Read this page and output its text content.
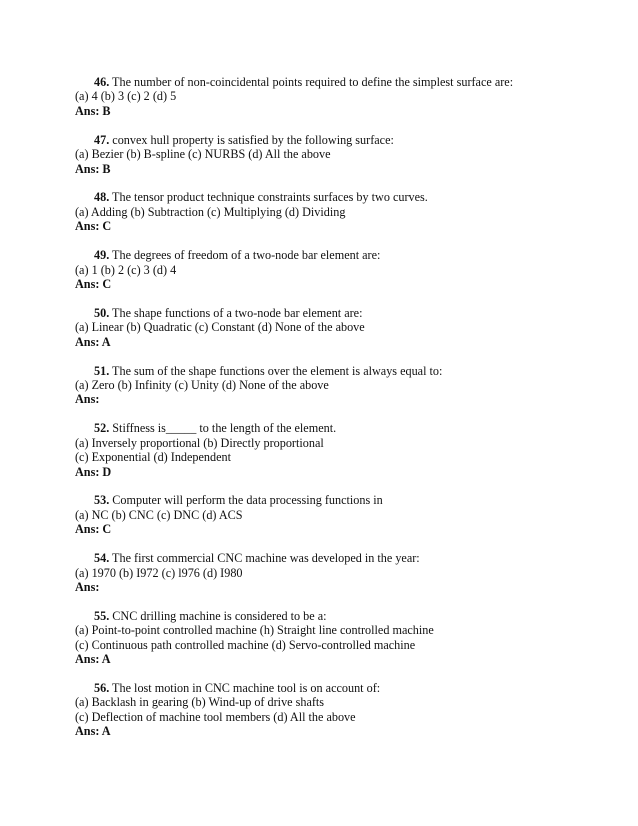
46. The number of non-coincidental points required to define the simplest surface are:
(a) 4 (b) 3 (c) 2 (d) 5
Ans: B
47. convex hull property is satisfied by the following surface:
(a) Bezier (b) B-spline (c) NURBS (d) All the above
Ans: B
48. The tensor product technique constraints surfaces by two curves.
(a) Adding (b) Subtraction (c) Multiplying (d) Dividing
Ans: C
49. The degrees of freedom of a two-node bar element are:
(a) 1 (b) 2 (c) 3 (d) 4
Ans: C
50. The shape functions of a two-node bar element are:
(a) Linear (b) Quadratic (c) Constant (d) None of the above
Ans: A
51. The sum of the shape functions over the element is always equal to:
(a) Zero (b) Infinity (c) Unity (d) None of the above
Ans:
52. Stiffness is_____ to the length of the element.
(a) Inversely proportional (b) Directly proportional
(c) Exponential (d) Independent
Ans: D
53. Computer will perform the data processing functions in
(a) NC (b) CNC (c) DNC (d) ACS
Ans: C
54. The first commercial CNC machine was developed in the year:
(a) 1970 (b) I972 (c) l976 (d) I980
Ans:
55. CNC drilling machine is considered to be a:
(a) Point-to-point controlled machine (h) Straight line controlled machine
(c) Continuous path controlled machine (d) Servo-controlled machine
Ans: A
56. The lost motion in CNC machine tool is on account of:
(a) Backlash in gearing (b) Wind-up of drive shafts
(c) Deflection of machine tool members (d) All the above
Ans: A
